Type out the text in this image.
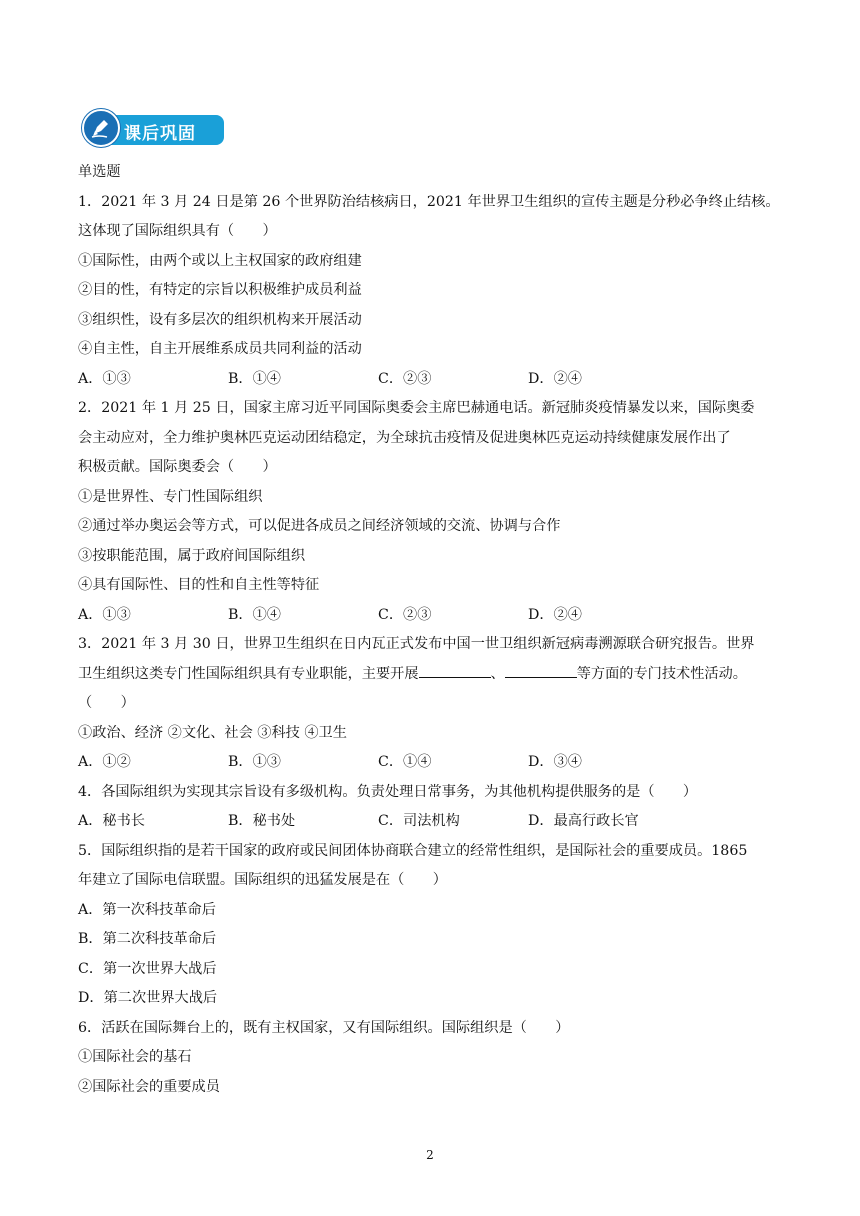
课后巩固
单选题
1．2021 年 3 月 24 日是第 26 个世界防治结核病日，2021 年世界卫生组织的宣传主题是分秒必争终止结核。
这体现了国际组织具有（　　）
①国际性，由两个或以上主权国家的政府组建
②目的性，有特定的宗旨以积极维护成员利益
③组织性，设有多层次的组织机构来开展活动
④自主性，自主开展维系成员共同利益的活动
A．①③	B．①④	C．②③	D．②④
2．2021 年 1 月 25 日，国家主席习近平同国际奥委会主席巴赫通电话。新冠肺炎疫情暴发以来，国际奥委
会主动应对，全力维护奥林匹克运动团结稳定，为全球抗击疫情及促进奥林匹克运动持续健康发展作出了
积极贡献。国际奥委会（　　）
①是世界性、专门性国际组织
②通过举办奥运会等方式，可以促进各成员之间经济领域的交流、协调与合作
③按职能范围，属于政府间国际组织
④具有国际性、目的性和自主性等特征
A．①③	B．①④	C．②③	D．②④
3．2021 年 3 月 30 日，世界卫生组织在日内瓦正式发布中国一世卫组织新冠病毒溯源联合研究报告。世界
卫生组织这类专门性国际组织具有专业职能，主要开展	、	等方面的专门技术性活动。
（　　）
①政治、经济 ②文化、社会 ③科技 ④卫生
A．①②	B．①③	C．①④	D．③④
4．各国际组织为实现其宗旨设有多级机构。负责处理日常事务，为其他机构提供服务的是（　　）
A．秘书长	B．秘书处	C．司法机构	D．最高行政长官
5．国际组织指的是若干国家的政府或民间团体协商联合建立的经常性组织，是国际社会的重要成员。1865
年建立了国际电信联盟。国际组织的迅猛发展是在（　　）
A．第一次科技革命后
B．第二次科技革命后
C．第一次世界大战后
D．第二次世界大战后
6．活跃在国际舞台上的，既有主权国家，又有国际组织。国际组织是（　　）
①国际社会的基石
②国际社会的重要成员
2
